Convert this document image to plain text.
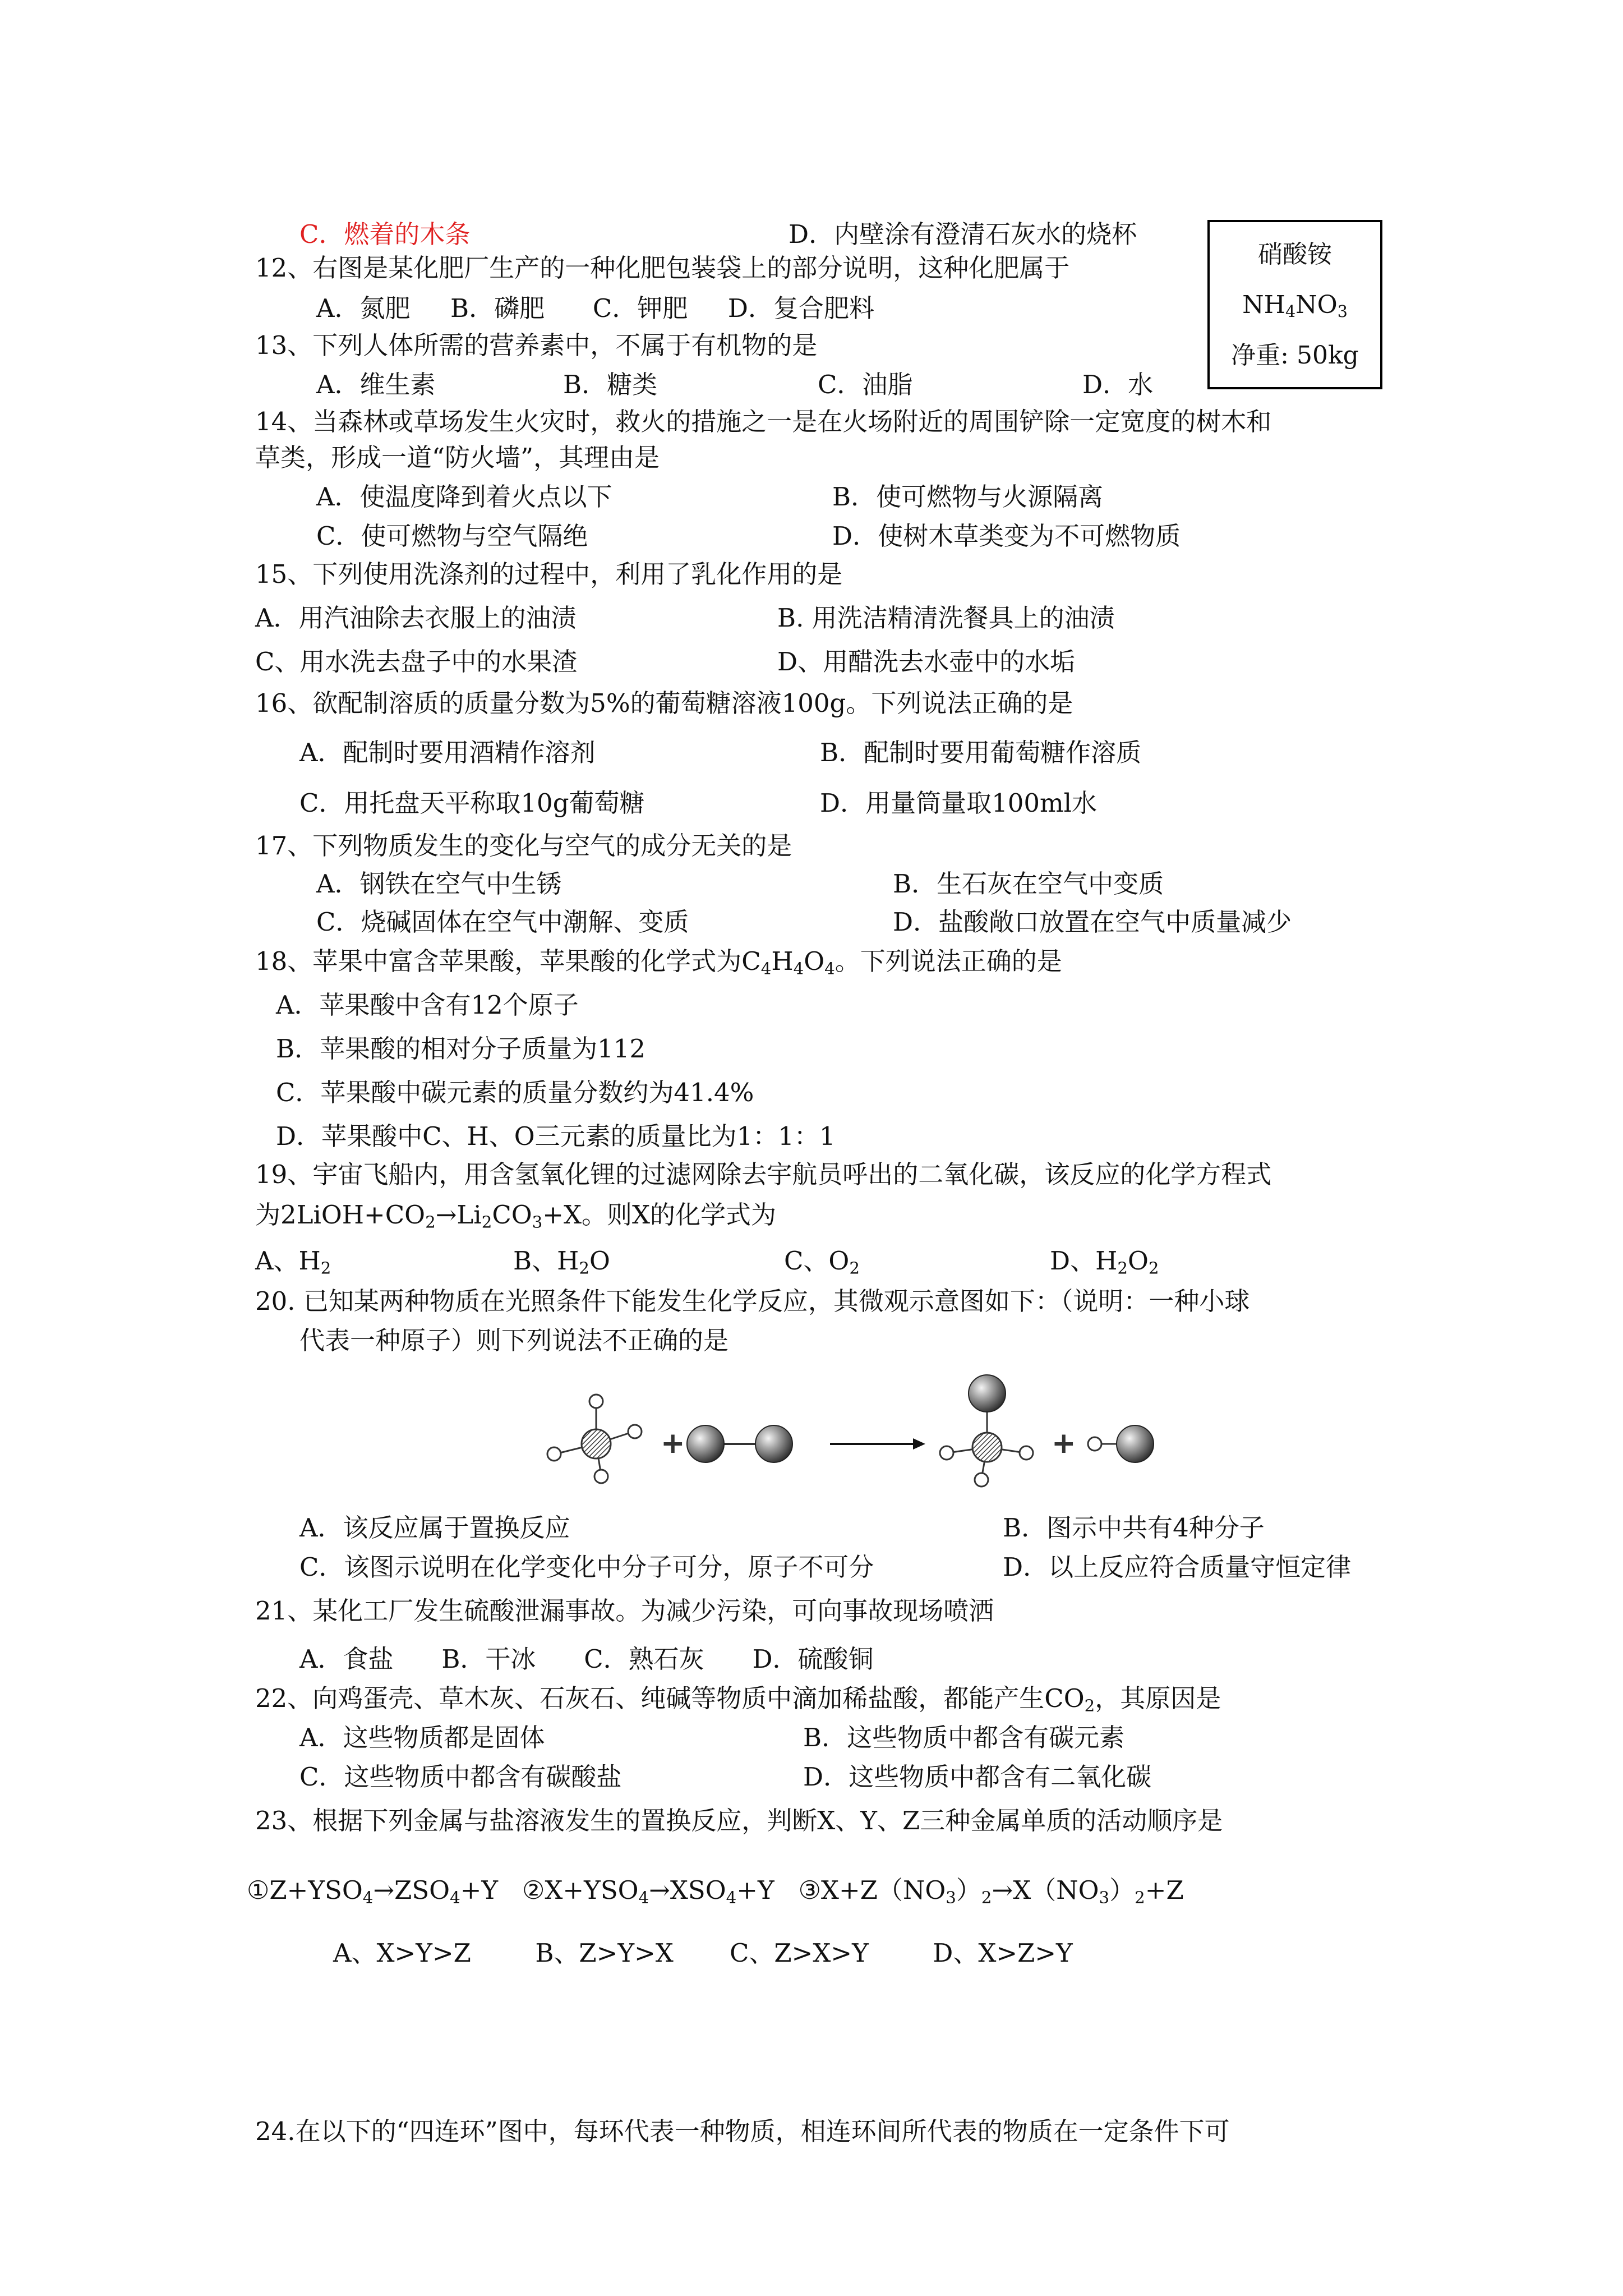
C．燃着的木条	D．内壁涂有澄清石灰水的烧杯
硝酸铵
$NH_4NO_3$
净重: 50kg
12、右图是某化肥厂生产的一种化肥包装袋上的部分说明，这种化肥属于
A．氮肥     B．磷肥      C．钾肥     D．复合肥料
13、下列人体所需的营养素中，不属于有机物的是
A．维生素	B．糖类	C．油脂	D．水
14、当森林或草场发生火灾时，救火的措施之一是在火场附近的周围铲除一定宽度的树木和
草类，形成一道“防火墙”，其理由是
A．使温度降到着火点以下	B．使可燃物与火源隔离
C．使可燃物与空气隔绝	D．使树木草类变为不可燃物质
15、下列使用洗涤剂的过程中，利用了乳化作用的是
A．用汽油除去衣服上的油渍	B. 用洗洁精清洗餐具上的油渍
C、用水洗去盘子中的水果渣	D、用醋洗去水壶中的水垢
16、欲配制溶质的质量分数为5%的葡萄糖溶液100g。下列说法正确的是
A．配制时要用酒精作溶剂	B．配制时要用葡萄糖作溶质
C．用托盘天平称取10g葡萄糖	D．用量筒量取100ml水
17、下列物质发生的变化与空气的成分无关的是
A．钢铁在空气中生锈	B．生石灰在空气中变质
C．烧碱固体在空气中潮解、变质	D．盐酸敞口放置在空气中质量减少
18、苹果中富含苹果酸，苹果酸的化学式为$C_4H_4O_4$。下列说法正确的是
A．苹果酸中含有12个原子
B．苹果酸的相对分子质量为112
C．苹果酸中碳元素的质量分数约为41.4%
D．苹果酸中C、H、O三元素的质量比为1：1：1
19、宇宙飞船内，用含氢氧化锂的过滤网除去宇航员呼出的二氧化碳，该反应的化学方程式
为$2LiOH+CO_2\to Li_2CO_3+X$。则X的化学式为
A、$H_2$	B、$H_2O$	C、$O_2$	D、$H_2O_2$
20. 已知某两种物质在光照条件下能发生化学反应，其微观示意图如下：（说明：一种小球
代表一种原子）则下列说法不正确的是
+	+
A．该反应属于置换反应	B．图示中共有4种分子
C．该图示说明在化学变化中分子可分，原子不可分	D．以上反应符合质量守恒定律
21、某化工厂发生硫酸泄漏事故。为减少污染，可向事故现场喷洒
A．食盐      B．干冰      C．熟石灰      D．硫酸铜
22、向鸡蛋壳、草木灰、石灰石、纯碱等物质中滴加稀盐酸，都能产生$CO_2$，其原因是
A．这些物质都是固体	B．这些物质中都含有碳元素
C．这些物质中都含有碳酸盐	D．这些物质中都含有二氧化碳
23、根据下列金属与盐溶液发生的置换反应，判断X、Y、Z三种金属单质的活动顺序是
$①Z+YSO_4\to ZSO_4+Y$   $②X+YSO_4\to XSO_4+Y$   $③X+Z(NO_3)_2\to X(NO_3)_2+Z$
A、X>Y>Z        B、Z>Y>X       C、Z>X>Y        D、X>Z>Y
24.在以下的“四连环”图中，每环代表一种物质，相连环间所代表的物质在一定条件下可
